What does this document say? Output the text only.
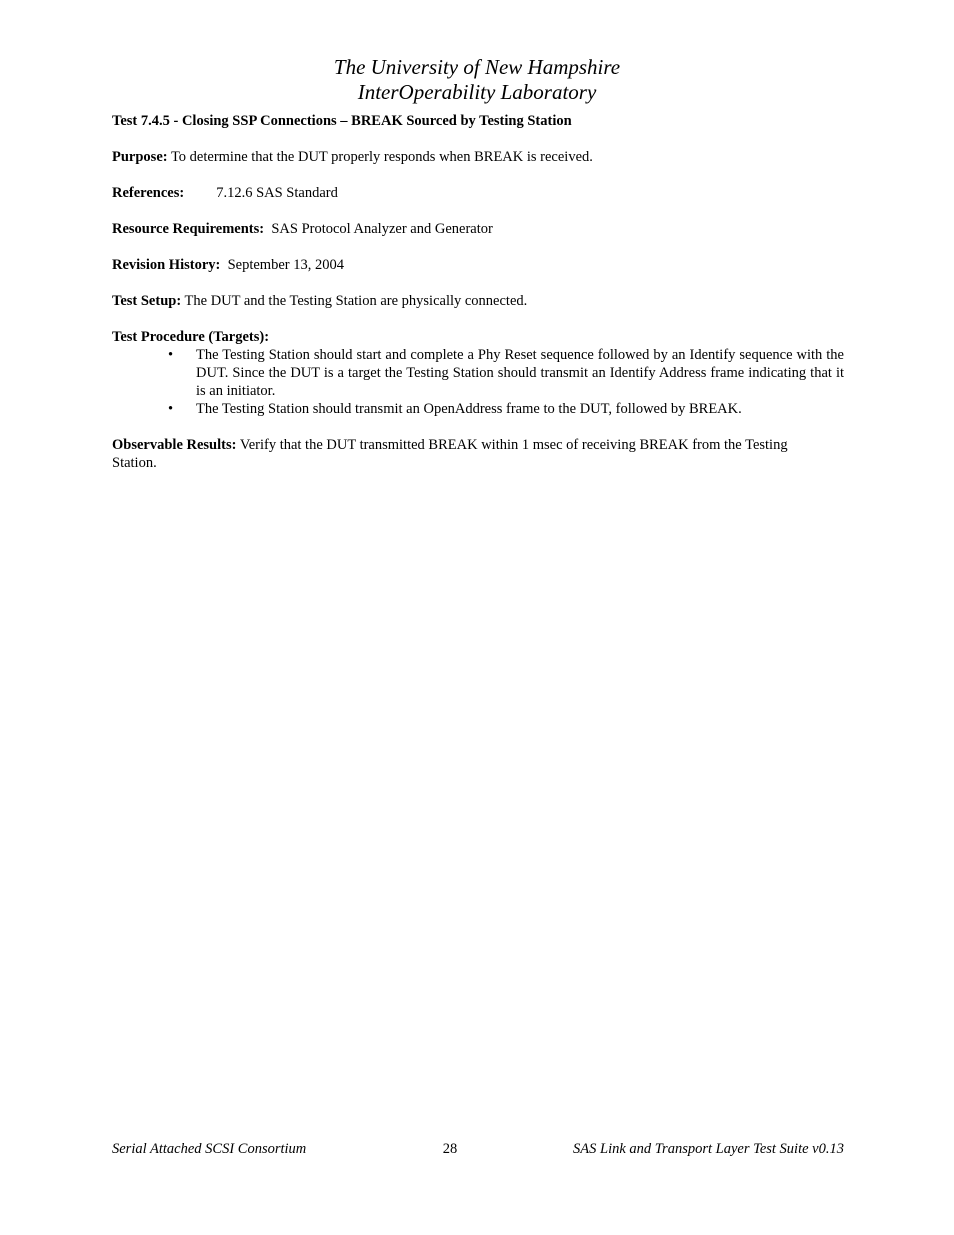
The University of New Hampshire
InterOperability Laboratory

Test 7.4.5 - Closing SSP Connections – BREAK Sourced by Testing Station

Purpose: To determine that the DUT properly responds when BREAK is received.

References: 7.12.6 SAS Standard

Resource Requirements:  SAS Protocol Analyzer and Generator

Revision History:  September 13, 2004

Test Setup: The DUT and the Testing Station are physically connected.

Test Procedure (Targets):

• The Testing Station should start and complete a Phy Reset sequence followed by an Identify sequence with the DUT. Since the DUT is a target the Testing Station should transmit an Identify Address frame indicating that it is an initiator.
• The Testing Station should transmit an OpenAddress frame to the DUT, followed by BREAK.

Observable Results: Verify that the DUT transmitted BREAK within 1 msec of receiving BREAK from the Testing Station.

Serial Attached SCSI Consortium	28	SAS Link and Transport Layer Test Suite v0.13
